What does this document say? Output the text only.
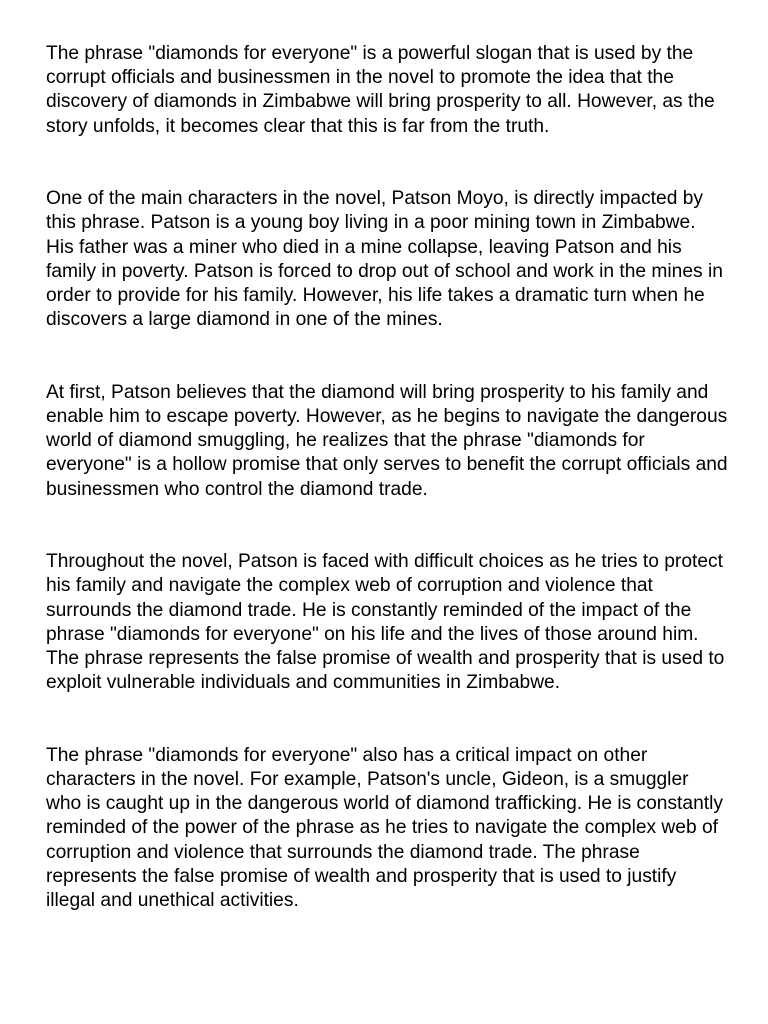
The phrase "diamonds for everyone" is a powerful slogan that is used by the corrupt officials and businessmen in the novel to promote the idea that the discovery of diamonds in Zimbabwe will bring prosperity to all. However, as the story unfolds, it becomes clear that this is far from the truth.

One of the main characters in the novel, Patson Moyo, is directly impacted by this phrase. Patson is a young boy living in a poor mining town in Zimbabwe. His father was a miner who died in a mine collapse, leaving Patson and his family in poverty. Patson is forced to drop out of school and work in the mines in order to provide for his family. However, his life takes a dramatic turn when he discovers a large diamond in one of the mines.

At first, Patson believes that the diamond will bring prosperity to his family and enable him to escape poverty. However, as he begins to navigate the dangerous world of diamond smuggling, he realizes that the phrase "diamonds for everyone" is a hollow promise that only serves to benefit the corrupt officials and businessmen who control the diamond trade.

Throughout the novel, Patson is faced with difficult choices as he tries to protect his family and navigate the complex web of corruption and violence that surrounds the diamond trade. He is constantly reminded of the impact of the phrase "diamonds for everyone" on his life and the lives of those around him. The phrase represents the false promise of wealth and prosperity that is used to exploit vulnerable individuals and communities in Zimbabwe.

The phrase "diamonds for everyone" also has a critical impact on other characters in the novel. For example, Patson's uncle, Gideon, is a smuggler who is caught up in the dangerous world of diamond trafficking. He is constantly reminded of the power of the phrase as he tries to navigate the complex web of corruption and violence that surrounds the diamond trade. The phrase represents the false promise of wealth and prosperity that is used to justify illegal and unethical activities.
